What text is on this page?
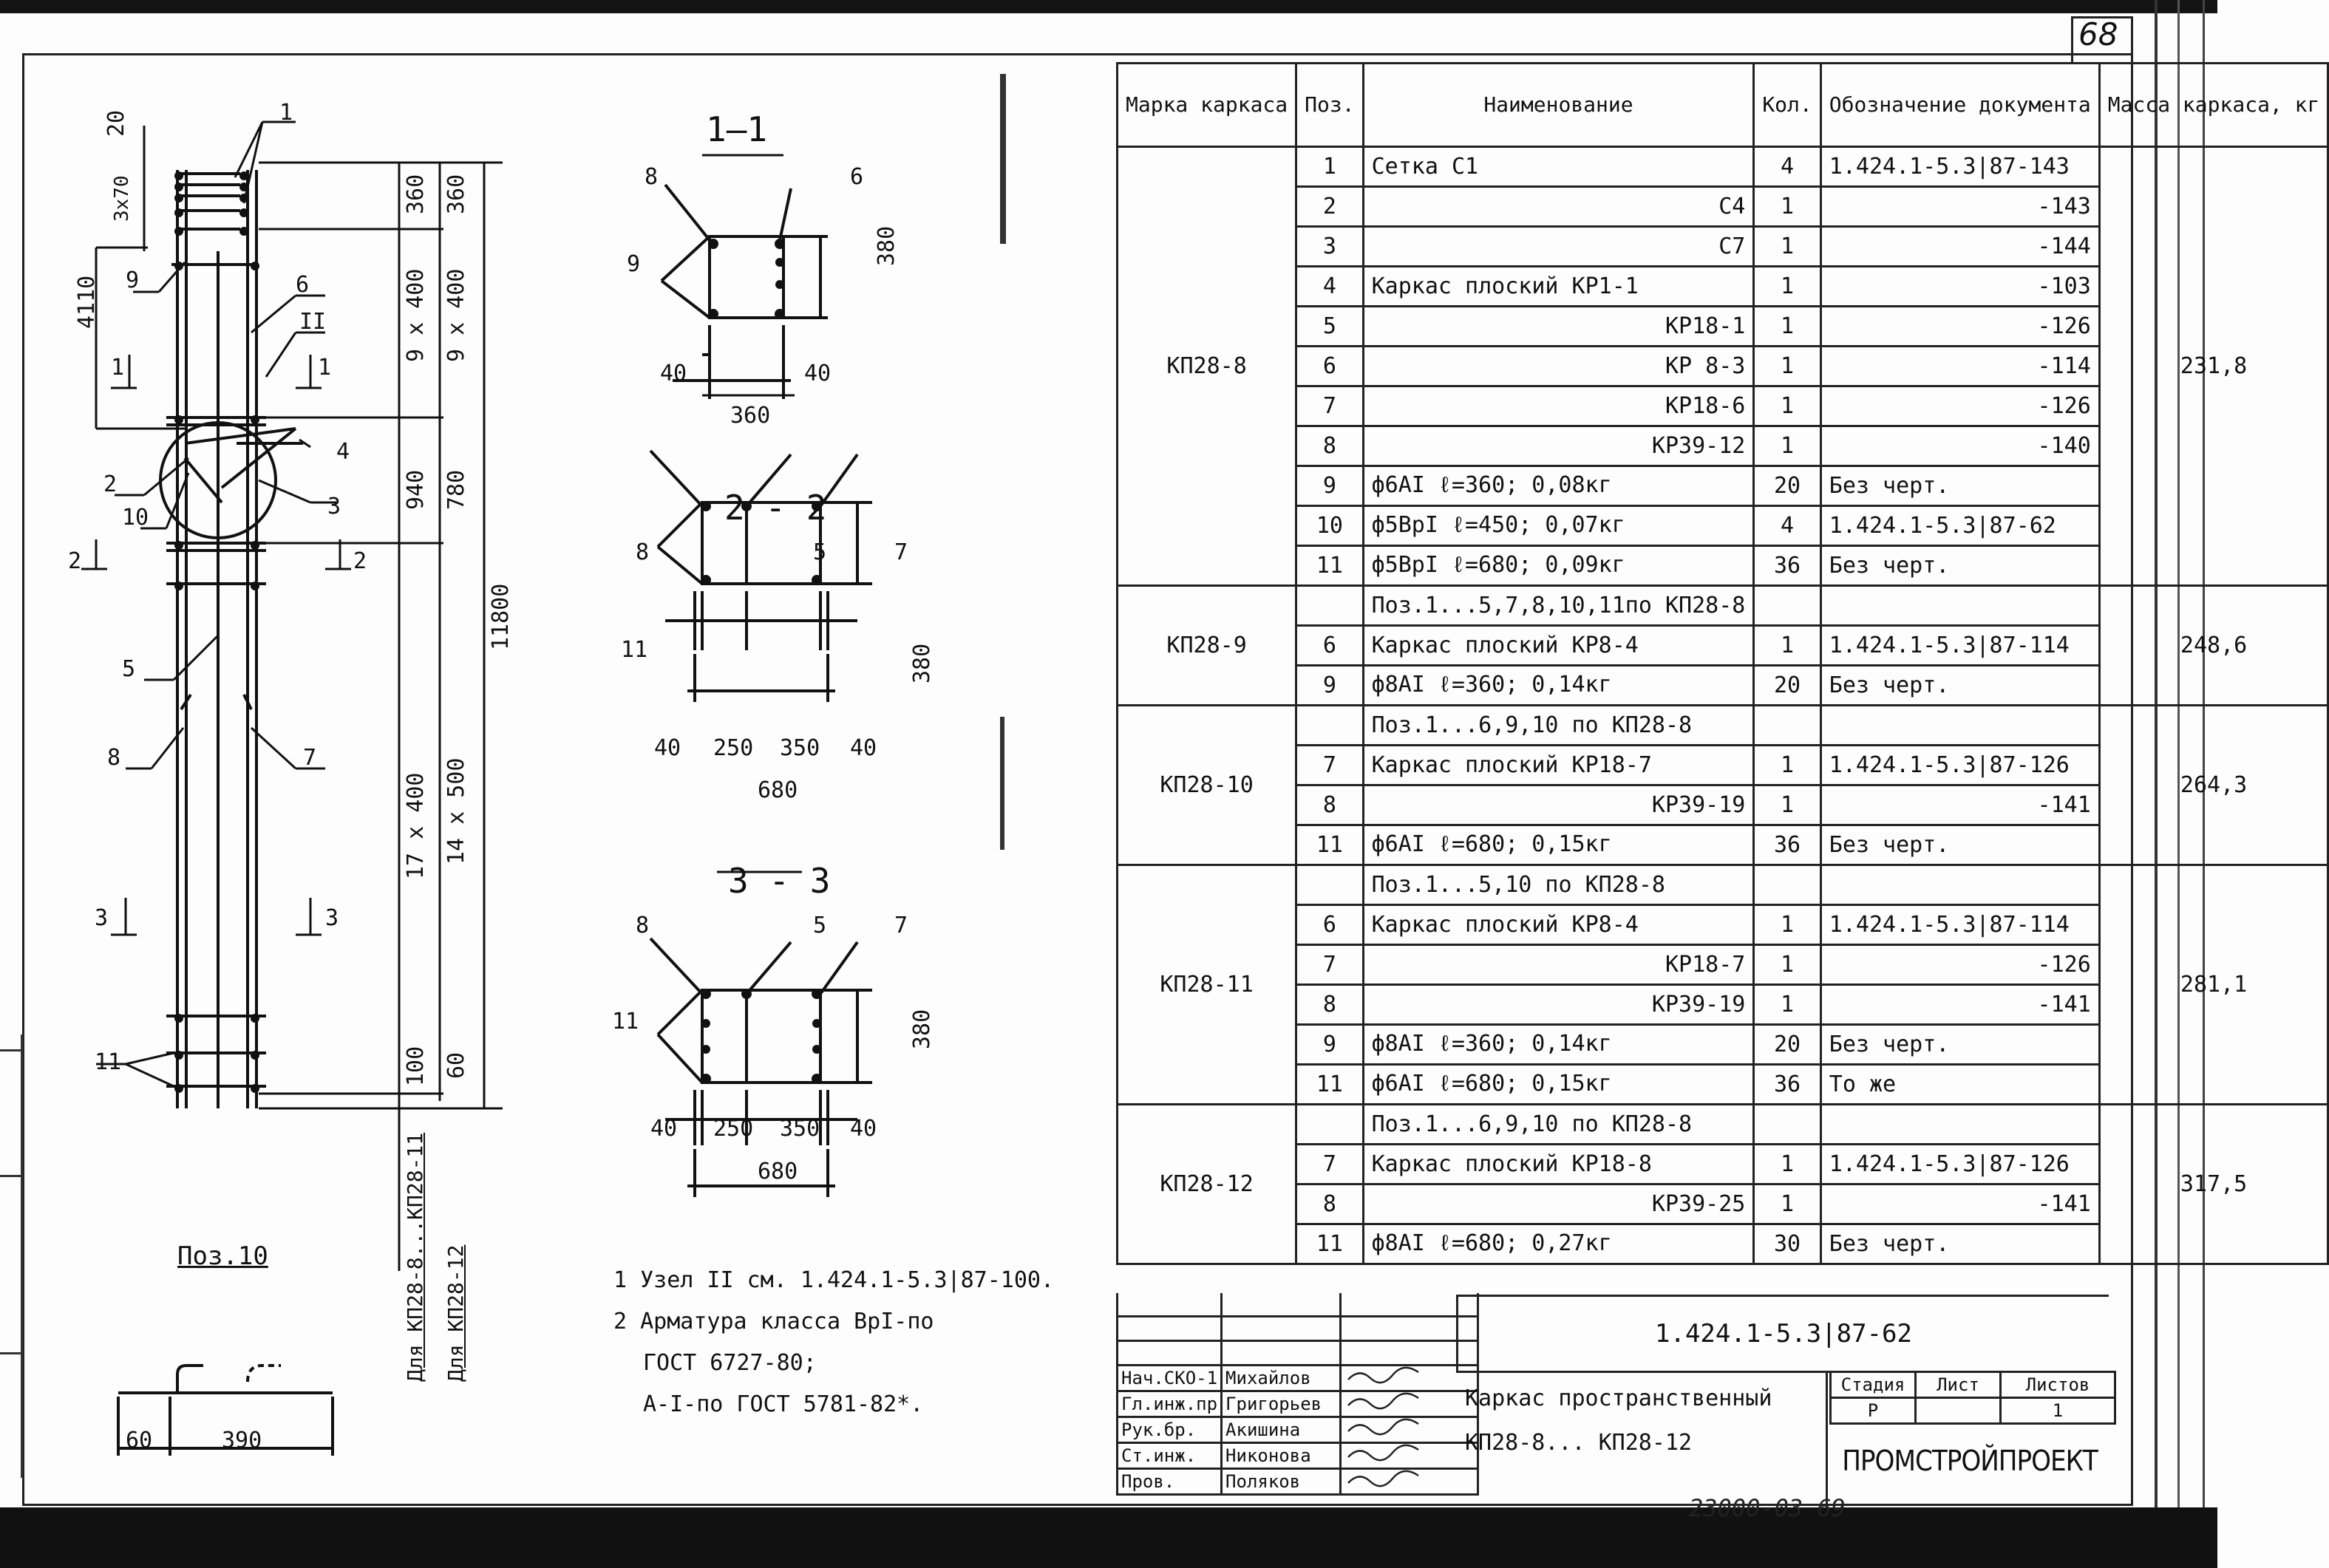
68
1
9	6
II
4
2
10	3
5
8	7
11
1	1
2	2
3	3
20
3x70
4110
360 360
9 x 400 9 x 400
940 780
11800
17 x 400 14 x 500
100 60
Для КП28-8...КП28-11 Для КП28-12
Поз.10
60	390
1—1
8	6
9	380
40	40
360
2 - 2
8	5	7
11	380
40 250 350 40
680
3 - 3
8	5	7
11	380
40 250 350 40
680
1 Узел II см. 1.424.1-5.3|87-100.
2 Арматура класса ВрI-по
ГОСТ 6727-80;
А-I-по ГОСТ 5781-82*.
Марка каркаса	Поз.	Наименование	Кол.	Обозначение документа	Масса каркаса, кг
КП28-8	1	Сетка С1	4	1.424.1-5.3|87-143	231,8
	2	С4	1	-143	
	3	С7	1	-144	
	4	Каркас плоский КР1-1	1	-103	
	5	КР18-1	1	-126	
	6	КР 8-3	1	-114	
	7	КР18-6	1	-126	
	8	КР39-12	1	-140	
	9	ф6АI ℓ=360; 0,08кг	20	Без черт.	
	10	ф5ВрI ℓ=450; 0,07кг	4	1.424.1-5.3|87-62	
	11	ф5ВрI ℓ=680; 0,09кг	36	Без черт.	
КП28-9		Поз.1...5,7,8,10,11по КП28-8			248,6
	6	Каркас плоский КР8-4	1	1.424.1-5.3|87-114	
	9	ф8АI ℓ=360; 0,14кг	20	Без черт.	
КП28-10		Поз.1...6,9,10 по КП28-8			264,3
	7	Каркас плоский КР18-7	1	1.424.1-5.3|87-126	
	8	КР39-19	1	-141	
	11	ф6АI ℓ=680; 0,15кг	36	Без черт.	
КП28-11		Поз.1...5,10 по КП28-8			281,1
	6	Каркас плоский КР8-4	1	1.424.1-5.3|87-114	
	7	КР18-7	1	-126	
	8	КР39-19	1	-141	
	9	ф8АI ℓ=360; 0,14кг	20	Без черт.	
	11	ф6АI ℓ=680; 0,15кг	36	То же	
КП28-12		Поз.1...6,9,10 по КП28-8			317,5
	7	Каркас плоский КР18-8	1	1.424.1-5.3|87-126	
	8	КР39-25	1	-141	
	11	ф8АI ℓ=680; 0,27кг	30	Без черт.	

Нач.СКО-1	Михайлов	
Гл.инж.пр	Григорьев	
Рук.бр.	Акишина	
Ст.инж.	Никонова	
Пров.	Поляков	
1.424.1-5.3|87-62
Каркас пространственный
КП28-8... КП28-12
Стадия	Лист	Листов
Р		1
ПРОМСТРОЙПРОЕКТ
23000-03 69
